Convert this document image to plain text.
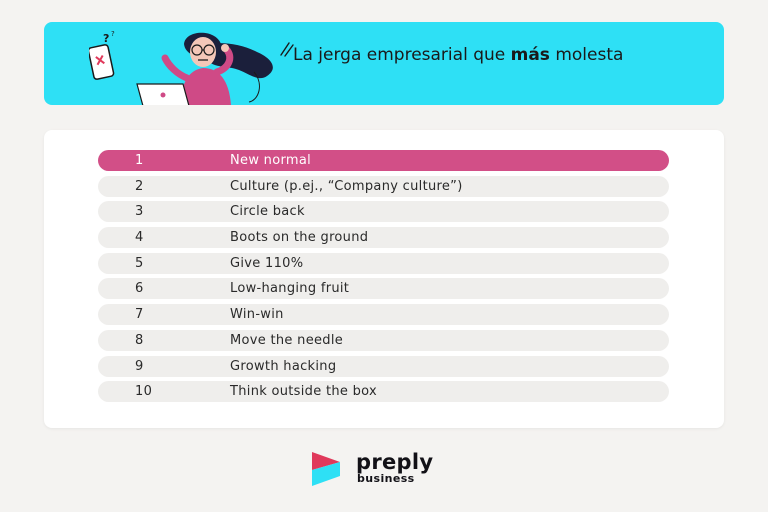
? ?
La jerga empresarial que más molesta
1	New normal
2	Culture (p.ej., “Company culture”)
3	Circle back
4	Boots on the ground
5	Give 110%
6	Low-hanging fruit
7	Win-win
8	Move the needle
9	Growth hacking
10	Think outside the box
preply
business
